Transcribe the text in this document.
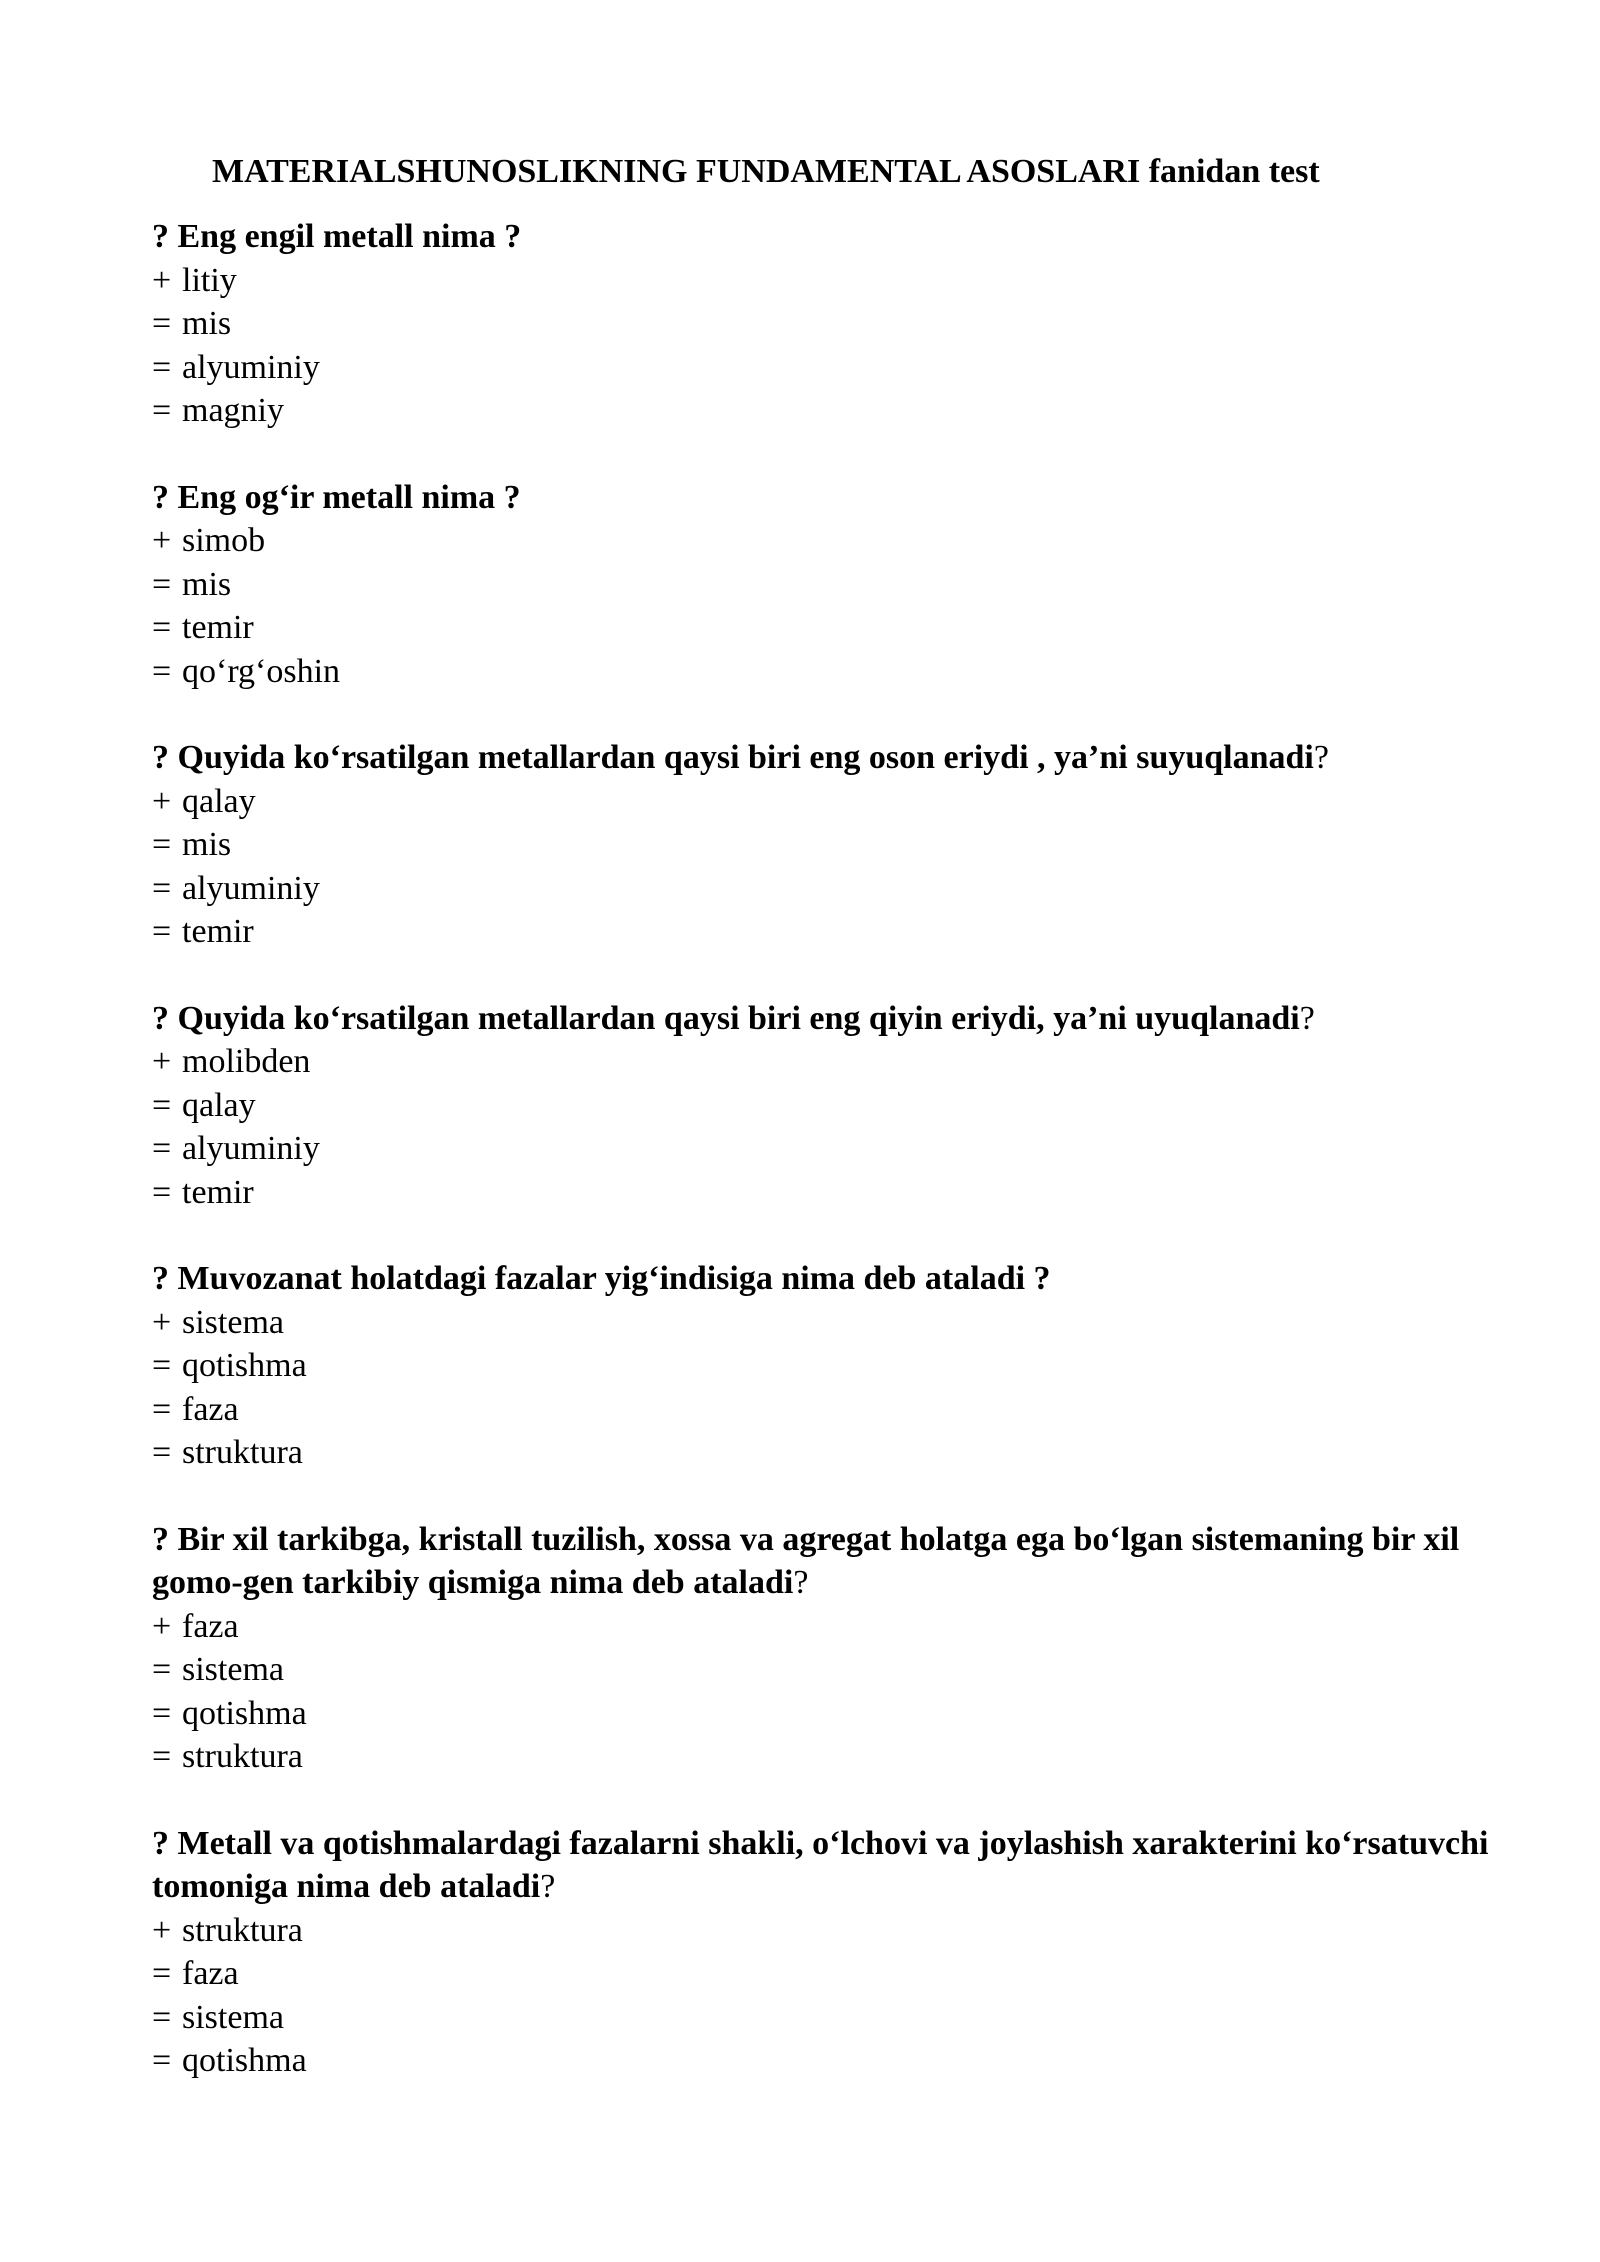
MATERIALSHUNOSLIKNING FUNDAMENTAL ASOSLARI fanidan test
? Eng engil metall nima ?
+ litiy
= mis
= alyuminiy
= magniy
? Eng og‘ir metall nima ?
+ simob
= mis
= temir
= qo‘rg‘oshin
? Quyida ko‘rsatilgan metallardan qaysi biri eng oson eriydi , ya’ni suyuqlanadi?
+ qalay
= mis
= alyuminiy
= temir
? Quyida ko‘rsatilgan metallardan qaysi biri eng qiyin eriydi, ya’ni uyuqlanadi?
+ molibden
= qalay
= alyuminiy
= temir
? Muvozanat holatdagi fazalar yig‘indisiga nima deb ataladi ?
+ sistema
= qotishma
= faza
= struktura
? Bir xil tarkibga, kristall tuzilish, xossa va agregat holatga ega bo‘lgan sistemaning bir xil gomo-gen tarkibiy qismiga nima deb ataladi?
+ faza
= sistema
= qotishma
= struktura
? Metall va qotishmalardagi fazalarni shakli, o‘lchovi va joylashish xarakterini ko‘rsatuvchi tomoniga nima deb ataladi?
+ struktura
= faza
= sistema
= qotishma
